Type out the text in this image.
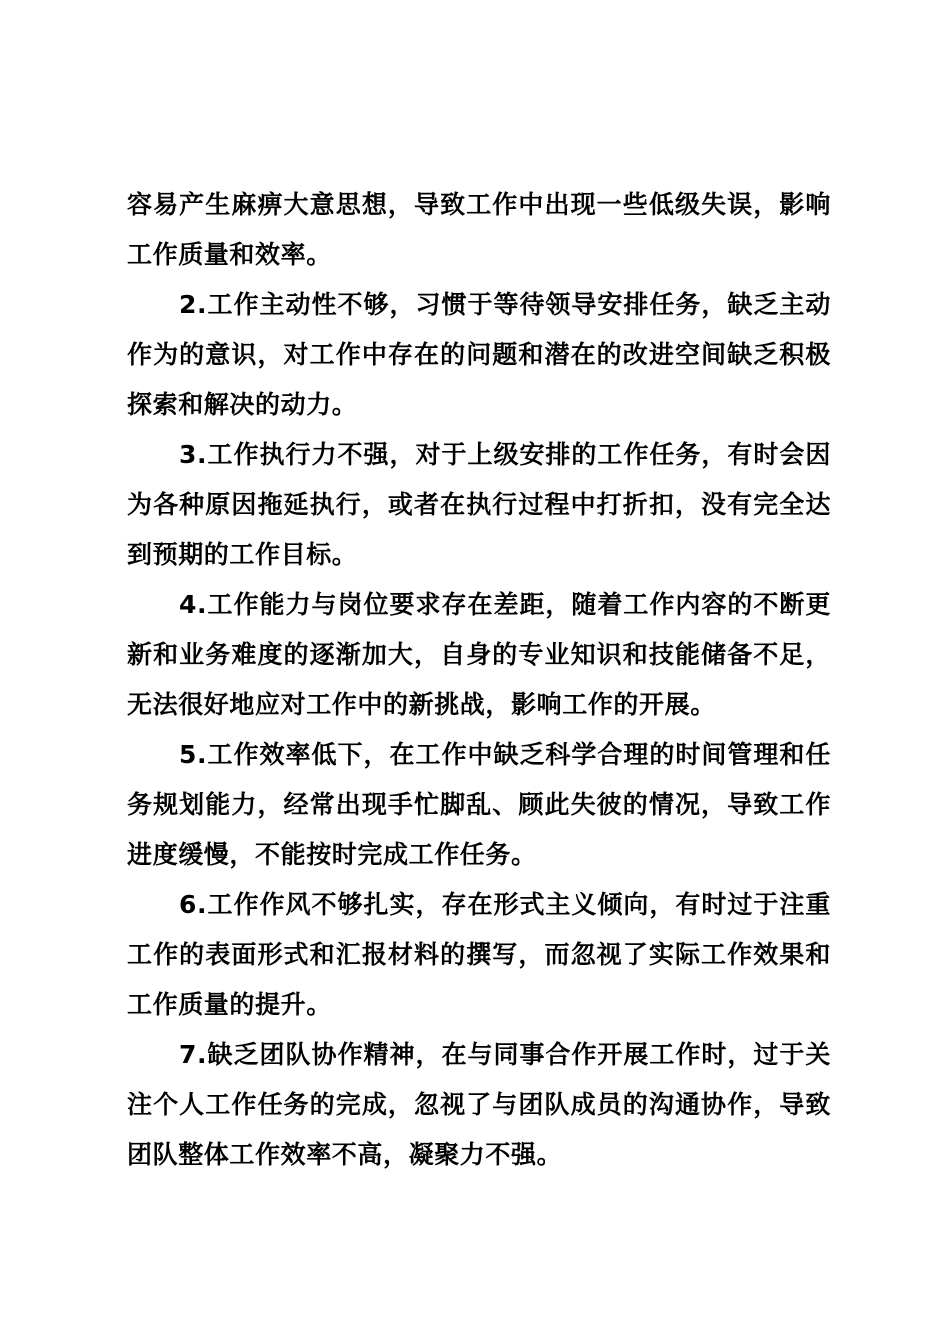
容易产生麻痹大意思想，导致工作中出现一些低级失误，影响工作质量和效率。

2.工作主动性不够，习惯于等待领导安排任务，缺乏主动作为的意识，对工作中存在的问题和潜在的改进空间缺乏积极探索和解决的动力。

3.工作执行力不强，对于上级安排的工作任务，有时会因为各种原因拖延执行，或者在执行过程中打折扣，没有完全达到预期的工作目标。

4.工作能力与岗位要求存在差距，随着工作内容的不断更新和业务难度的逐渐加大，自身的专业知识和技能储备不足，无法很好地应对工作中的新挑战，影响工作的开展。

5.工作效率低下，在工作中缺乏科学合理的时间管理和任务规划能力，经常出现手忙脚乱、顾此失彼的情况，导致工作进度缓慢，不能按时完成工作任务。

6.工作作风不够扎实，存在形式主义倾向，有时过于注重工作的表面形式和汇报材料的撰写，而忽视了实际工作效果和工作质量的提升。

7.缺乏团队协作精神，在与同事合作开展工作时，过于关注个人工作任务的完成，忽视了与团队成员的沟通协作，导致团队整体工作效率不高，凝聚力不强。
